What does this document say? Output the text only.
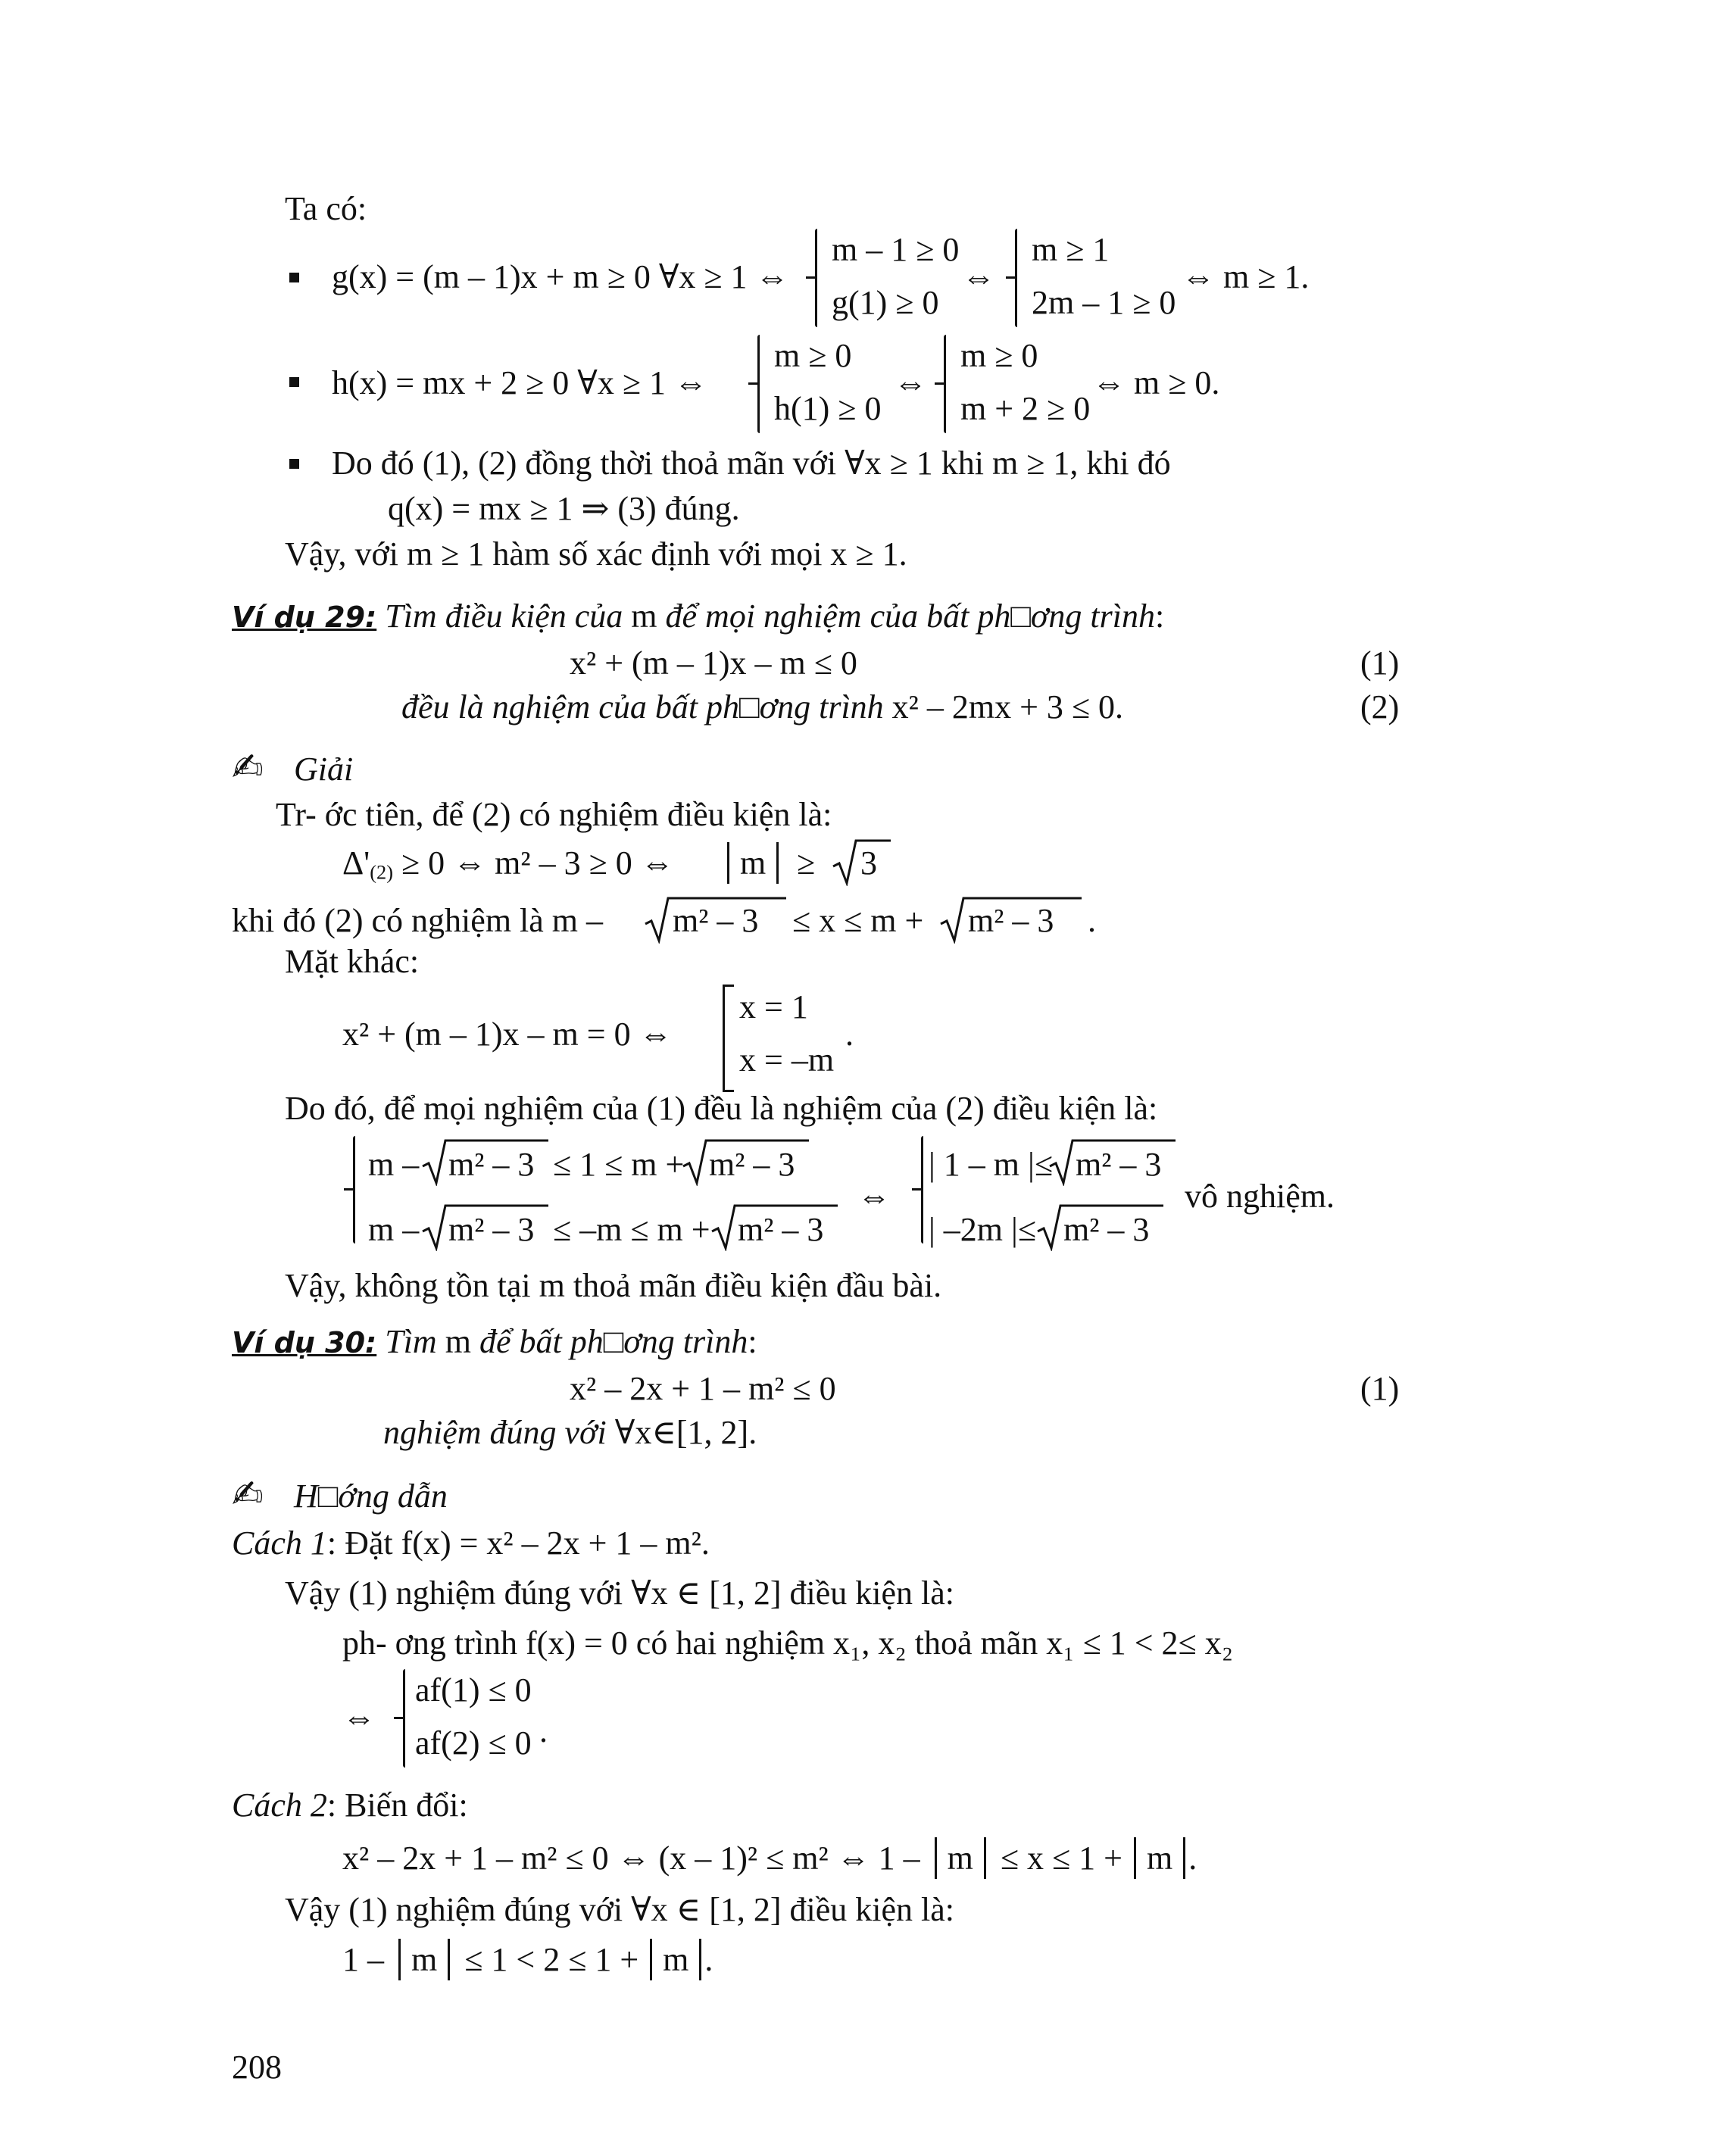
Ta có:
g(x) = (m – 1)x + m ≥ 0 ∀x ≥ 1 ⇔
m – 1 ≥ 0
g(1) ≥ 0
⇔
m ≥ 1
2m – 1 ≥ 0
⇔ m ≥ 1.
h(x) = mx + 2 ≥ 0 ∀x ≥ 1 ⇔
m ≥ 0
h(1) ≥ 0
⇔
m ≥ 0
m + 2 ≥ 0
⇔ m ≥ 0.
Do đó (1), (2) đồng thời thoả mãn với ∀x ≥ 1 khi m ≥ 1, khi đó
q(x) = mx ≥ 1 ⇒ (3) đúng.
Vậy, với m ≥ 1 hàm số xác định với mọi x ≥ 1.
Ví dụ 29: Tìm điều kiện của m để mọi nghiệm của bất ph□ơng trình:
x² + (m – 1)x – m ≤ 0	(1)
đều là nghiệm của bất ph□ơng trình x² – 2mx + 3 ≤ 0.	(2)
✍ Giải
Tr- ớc tiên, để (2) có nghiệm điều kiện là:
$\Delta'_{(2)} \ge 0$ ⇔ m² – 3 ≥ 0 ⇔	m ≥ 3
khi đó (2) có nghiệm là m – m² – 3 ≤ x ≤ m + m² – 3 .
Mặt khác:
x² + (m – 1)x – m = 0 ⇔
x = 1
x = –m
.
Do đó, để mọi nghiệm của (1) đều là nghiệm của (2) điều kiện là:
m – m² – 3 ≤ 1 ≤ m + m² – 3
m – m² – 3 ≤ –m ≤ m + m² – 3
⇔
| 1 – m |≤ m² – 3
| –2m |≤ m² – 3
vô nghiệm.
Vậy, không tồn tại m thoả mãn điều kiện đầu bài.
Ví dụ 30: Tìm m để bất ph□ơng trình:
x² – 2x + 1 – m² ≤ 0	(1)
nghiệm đúng với ∀x∈[1, 2].
✍ H□ớng dẫn
Cách 1: Đặt f(x) = x² – 2x + 1 – m².
Vậy (1) nghiệm đúng với ∀x ∈ [1, 2] điều kiện là:
ph- ơng trình f(x) = 0 có hai nghiệm x₁, x₂ thoả mãn x₁ ≤ 1 < 2≤ x₂
⇔
af(1) ≤ 0
af(2) ≤ 0 .
Cách 2: Biến đổi:
x² – 2x + 1 – m² ≤ 0 ⇔ (x – 1)² ≤ m² ⇔ 1 – m ≤ x ≤ 1 + m .
Vậy (1) nghiệm đúng với ∀x ∈ [1, 2] điều kiện là:
1 – m ≤ 1 < 2 ≤ 1 + m .
208
